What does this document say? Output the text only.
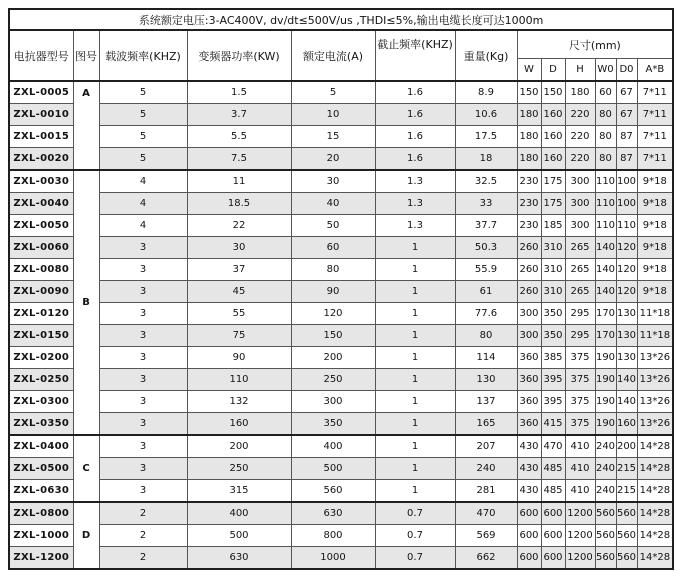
系统额定电压:3-AC400V, dv/dt≤500V/us ,THDI≤5%,输出电缆长度可达1000m												
电抗器型号	图号	载波频率(KHZ)	变频器功率(KW)	额定电流(A)	截止频率(KHZ)	重量(Kg)	尺寸(mm)					
							W	D	H	W0	D0	A*B
ZXL-0005	A	5	1.5	5	1.6	8.9	150	150	180	60	67	7*11
ZXL-0010		5	3.7	10	1.6	10.6	180	160	220	80	67	7*11
ZXL-0015		5	5.5	15	1.6	17.5	180	160	220	80	87	7*11
ZXL-0020		5	7.5	20	1.6	18	180	160	220	80	87	7*11
ZXL-0030	B	4	11	30	1.3	32.5	230	175	300	110	100	9*18
ZXL-0040		4	18.5	40	1.3	33	230	175	300	110	100	9*18
ZXL-0050		4	22	50	1.3	37.7	230	185	300	110	110	9*18
ZXL-0060		3	30	60	1	50.3	260	310	265	140	120	9*18
ZXL-0080		3	37	80	1	55.9	260	310	265	140	120	9*18
ZXL-0090		3	45	90	1	61	260	310	265	140	120	9*18
ZXL-0120		3	55	120	1	77.6	300	350	295	170	130	11*18
ZXL-0150		3	75	150	1	80	300	350	295	170	130	11*18
ZXL-0200		3	90	200	1	114	360	385	375	190	130	13*26
ZXL-0250		3	110	250	1	130	360	395	375	190	140	13*26
ZXL-0300		3	132	300	1	137	360	395	375	190	140	13*26
ZXL-0350		3	160	350	1	165	360	415	375	190	160	13*26
ZXL-0400	C	3	200	400	1	207	430	470	410	240	200	14*28
ZXL-0500		3	250	500	1	240	430	485	410	240	215	14*28
ZXL-0630		3	315	560	1	281	430	485	410	240	215	14*28
ZXL-0800	D	2	400	630	0.7	470	600	600	1200	560	560	14*28
ZXL-1000		2	500	800	0.7	569	600	600	1200	560	560	14*28
ZXL-1200		2	630	1000	0.7	662	600	600	1200	560	560	14*28
